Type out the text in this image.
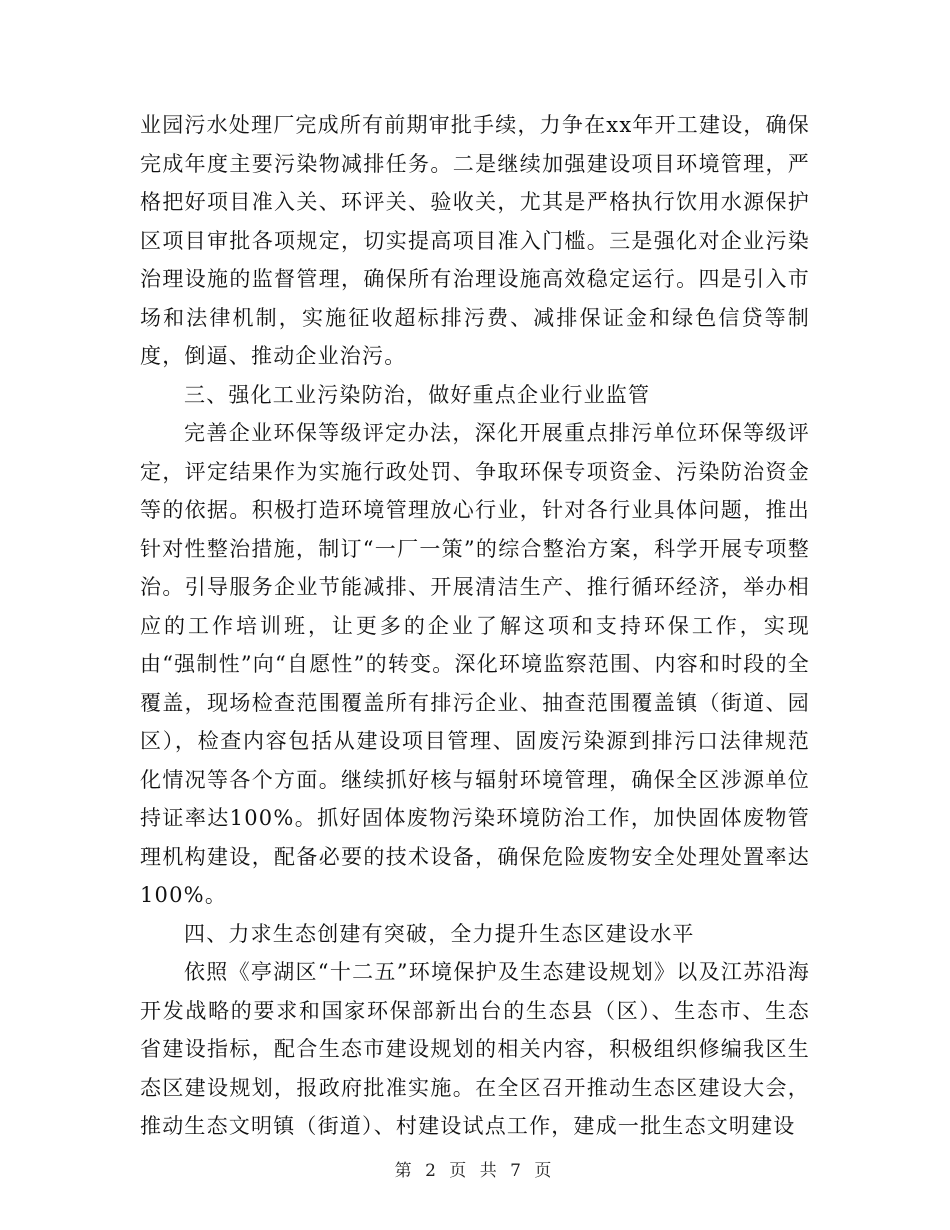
业园污水处理厂完成所有前期审批手续，力争在xx年开工建设，确保完成年度主要污染物减排任务。二是继续加强建设项目环境管理，严格把好项目准入关、环评关、验收关，尤其是严格执行饮用水源保护区项目审批各项规定，切实提高项目准入门槛。三是强化对企业污染治理设施的监督管理，确保所有治理设施高效稳定运行。四是引入市场和法律机制，实施征收超标排污费、减排保证金和绿色信贷等制度，倒逼、推动企业治污。

三、强化工业污染防治，做好重点企业行业监管

完善企业环保等级评定办法，深化开展重点排污单位环保等级评定，评定结果作为实施行政处罚、争取环保专项资金、污染防治资金等的依据。积极打造环境管理放心行业，针对各行业具体问题，推出针对性整治措施，制订“一厂一策”的综合整治方案，科学开展专项整治。引导服务企业节能减排、开展清洁生产、推行循环经济，举办相应的工作培训班，让更多的企业了解这项和支持环保工作，实现由“强制性”向“自愿性”的转变。深化环境监察范围、内容和时段的全覆盖，现场检查范围覆盖所有排污企业、抽查范围覆盖镇（街道、园区），检查内容包括从建设项目管理、固废污染源到排污口法律规范化情况等各个方面。继续抓好核与辐射环境管理，确保全区涉源单位持证率达100%。抓好固体废物污染环境防治工作，加快固体废物管理机构建设，配备必要的技术设备，确保危险废物安全处理处置率达100%。

四、力求生态创建有突破，全力提升生态区建设水平

依照《亭湖区“十二五”环境保护及生态建设规划》以及江苏沿海开发战略的要求和国家环保部新出台的生态县（区）、生态市、生态省建设指标，配合生态市建设规划的相关内容，积极组织修编我区生态区建设规划，报政府批准实施。在全区召开推动生态区建设大会，推动生态文明镇（街道）、村建设试点工作，建成一批生态文明建设

第 2 页 共 7 页
